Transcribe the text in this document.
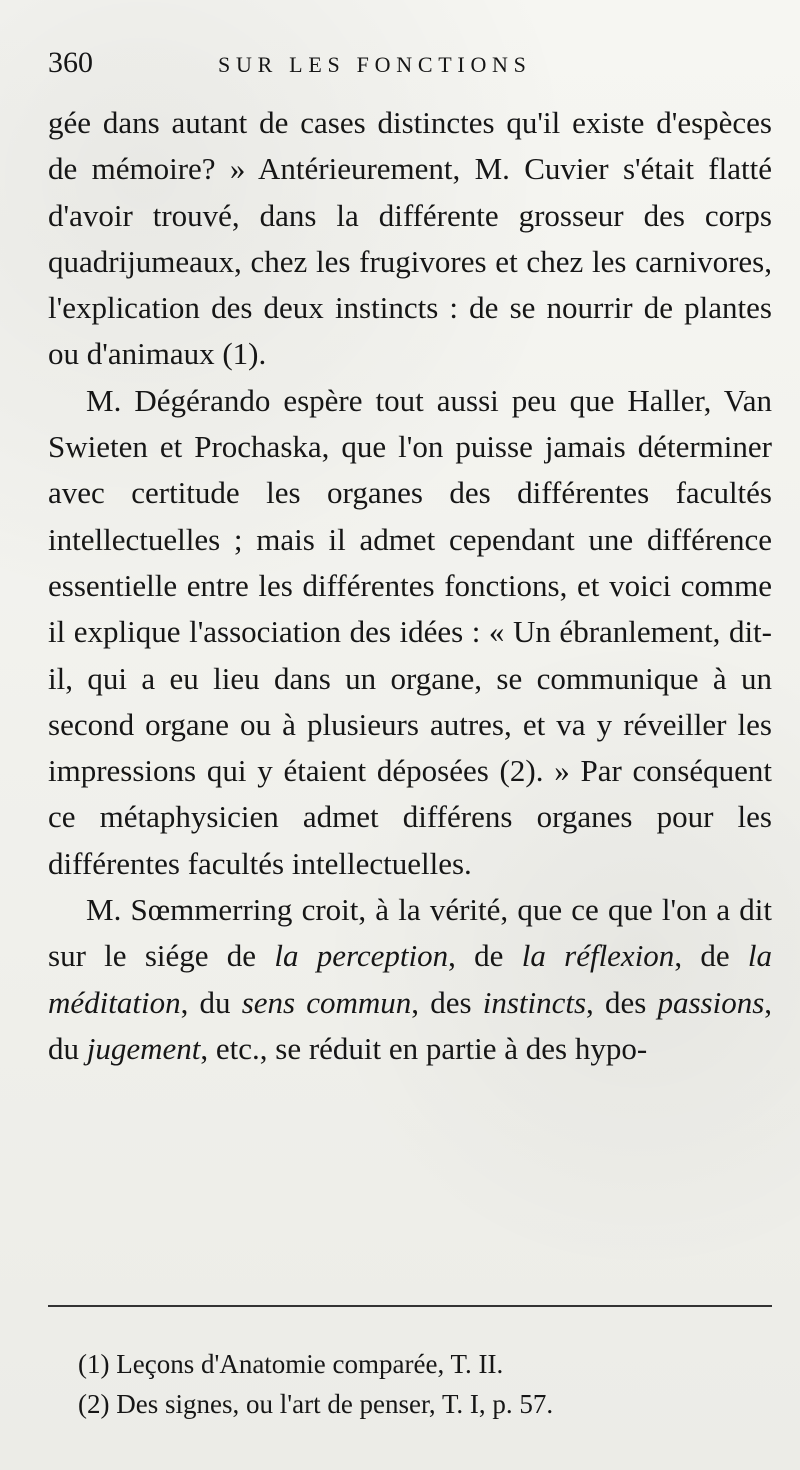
360	SUR LES FONCTIONS

gée dans autant de cases distinctes qu'il existe d'espèces de mémoire? » Antérieurement, M. Cuvier s'était flatté d'avoir trouvé, dans la différente grosseur des corps quadrijumeaux, chez les frugivores et chez les carnivores, l'explication des deux instincts : de se nourrir de plantes ou d'animaux (1).

M. Dégérando espère tout aussi peu que Haller, Van Swieten et Prochaska, que l'on puisse jamais déterminer avec certitude les organes des différentes facultés intellectuelles ; mais il admet cependant une différence essentielle entre les différentes fonctions, et voici comme il explique l'association des idées : « Un ébranlement, dit-il, qui a eu lieu dans un organe, se communique à un second organe ou à plusieurs autres, et va y réveiller les impressions qui y étaient déposées (2). » Par conséquent ce métaphysicien admet différens organes pour les différentes facultés intellectuelles.

M. Sœmmerring croit, à la vérité, que ce que l'on a dit sur le siége de la perception, de la réflexion, de la méditation, du sens commun, des instincts, des passions, du jugement, etc., se réduit en partie à des hypo-

(1) Leçons d'Anatomie comparée, T. II.

(2) Des signes, ou l'art de penser, T. I, p. 57.
